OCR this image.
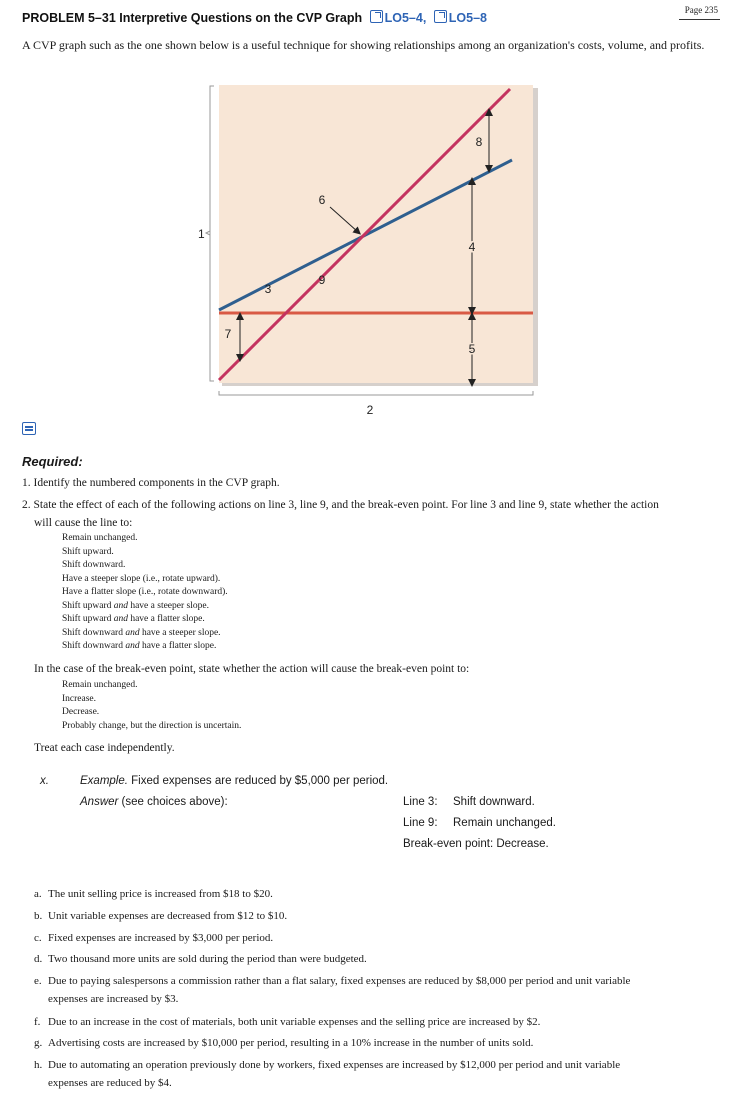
Page 235
PROBLEM 5–31 Interpretive Questions on the CVP Graph LO5–4, LO5–8
A CVP graph such as the one shown below is a useful technique for showing relationships among an organization's costs, volume, and profits.
1
2
3
4
5
6
7
8
9
Required:
1. Identify the numbered components in the CVP graph.
2. State the effect of each of the following actions on line 3, line 9, and the break-even point. For line 3 and line 9, state whether the action
will cause the line to:
Remain unchanged.
Shift upward.
Shift downward.
Have a steeper slope (i.e., rotate upward).
Have a flatter slope (i.e., rotate downward).
Shift upward and have a steeper slope.
Shift upward and have a flatter slope.
Shift downward and have a steeper slope.
Shift downward and have a flatter slope.
In the case of the break-even point, state whether the action will cause the break-even point to:
Remain unchanged.
Increase.
Decrease.
Probably change, but the direction is uncertain.
Treat each case independently.
x.	Example. Fixed expenses are reduced by $5,000 per period.
Answer (see choices above):	Line 3: Shift downward.
Line 9: Remain unchanged.
Break-even point: Decrease.
a. The unit selling price is increased from $18 to $20.
b. Unit variable expenses are decreased from $12 to $10.
c. Fixed expenses are increased by $3,000 per period.
d. Two thousand more units are sold during the period than were budgeted.
e. Due to paying salespersons a commission rather than a flat salary, fixed expenses are reduced by $8,000 per period and unit variable
expenses are increased by $3.
f. Due to an increase in the cost of materials, both unit variable expenses and the selling price are increased by $2.
g. Advertising costs are increased by $10,000 per period, resulting in a 10% increase in the number of units sold.
h. Due to automating an operation previously done by workers, fixed expenses are increased by $12,000 per period and unit variable
expenses are reduced by $4.
